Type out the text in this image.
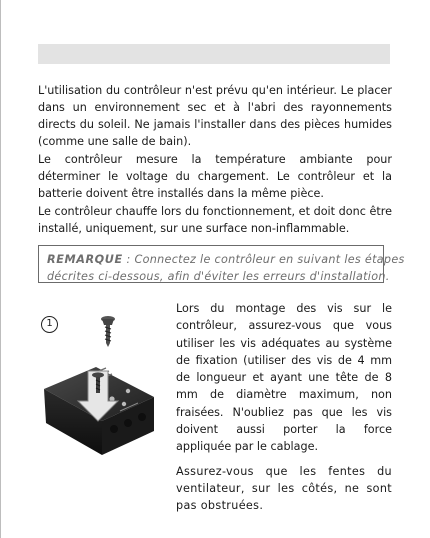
L'utilisation du contrôleur n'est prévu qu'en intérieur. Le placer dans un environnement sec et à l'abri des rayonnements directs du soleil. Ne jamais l'installer dans des pièces humides (comme une salle de bain).

Le contrôleur mesure la température ambiante pour déterminer le voltage du chargement. Le contrôleur et la batterie doivent être installés dans la même pièce.

Le contrôleur chauffe lors du fonctionnement, et doit donc être installé, uniquement, sur une surface non-inflammable.

REMARQUE : Connectez le contrôleur en suivant les étapes
décrites ci-dessous, afin d'éviter les erreurs d'installation.
1

Lors du montage des vis sur le contrôleur, assurez-vous que vous utiliser les vis adéquates au système de fixation (utiliser des vis de 4 mm de longueur et ayant une tête de 8 mm de diamètre maximum, non fraisées. N'oubliez pas que les vis doivent aussi porter la force appliquée par le cablage.

Assurez-vous que les fentes du ventilateur, sur les côtés, ne sont pas obstruées.
